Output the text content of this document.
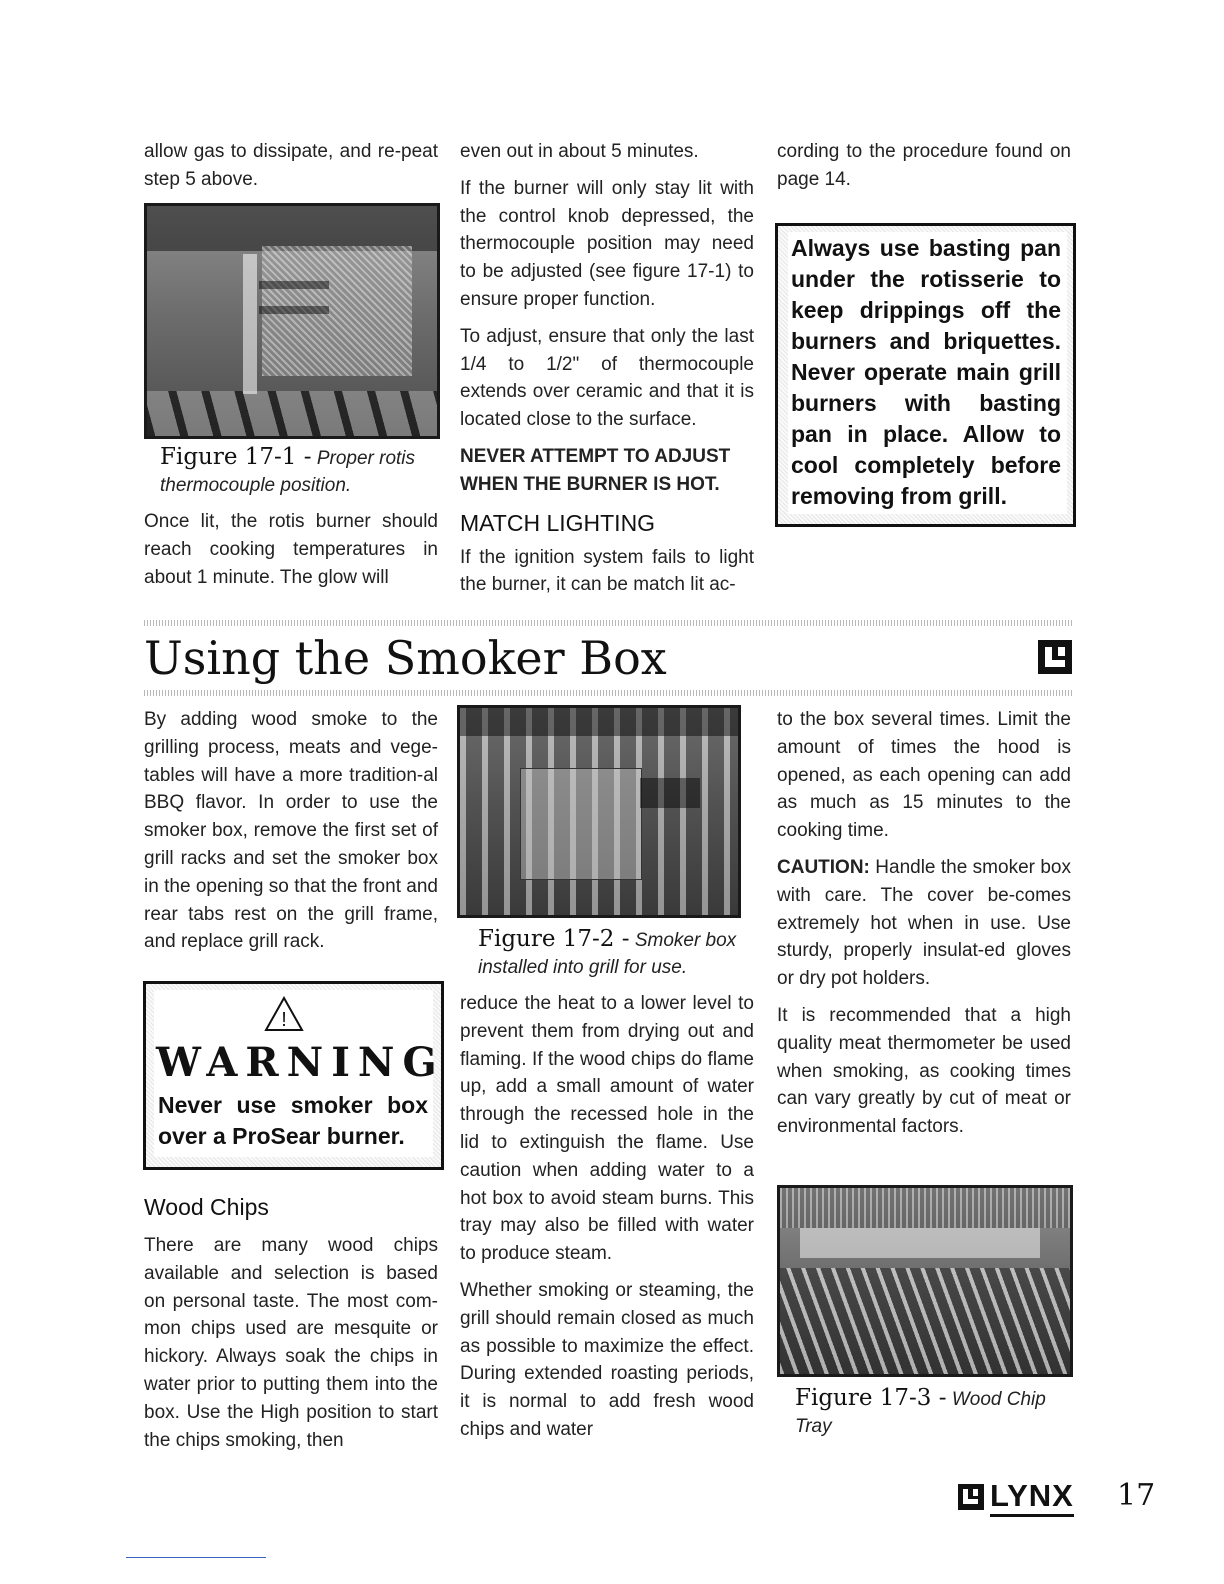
allow gas to dissipate, and re-peat step 5 above.

Figure 17-1 - Proper rotis thermocouple position.

Once lit, the rotis burner should reach cooking temperatures in about 1 minute. The glow will

even out in about 5 minutes.

If the burner will only stay lit with the control knob depressed, the thermocouple position may need to be adjusted (see figure 17-1) to ensure proper function.

To adjust, ensure that only the last 1/4 to 1/2" of thermocouple extends over ceramic and that it is located close to the surface.

NEVER ATTEMPT TO ADJUST WHEN THE BURNER IS HOT.

MATCH LIGHTING

If the ignition system fails to light the burner, it can be match lit ac-

cording to the procedure found on page 14.

Always use basting pan under the rotisserie to keep drippings off the burners and briquettes. Never operate main grill burners with basting pan in place. Allow to cool completely before removing from grill.
Using the Smoker Box

By adding wood smoke to the grilling process, meats and vege-tables will have a more tradition-al BBQ flavor. In order to use the smoker box, remove the first set of grill racks and set the smoker box in the opening so that the front and rear tabs rest on the grill frame, and replace grill rack.

!
WARNING
Never use smoker box over a ProSear burner.
Wood Chips

There are many wood chips available and selection is based on personal taste. The most com-mon chips used are mesquite or hickory. Always soak the chips in water prior to putting them into the box. Use the High position to start the chips smoking, then

Figure 17-2 - Smoker box installed into grill for use.

reduce the heat to a lower level to prevent them from drying out and flaming. If the wood chips do flame up, add a small amount of water through the recessed hole in the lid to extinguish the flame. Use caution when adding water to a hot box to avoid steam burns. This tray may also be filled with water to produce steam.

Whether smoking or steaming, the grill should remain closed as much as possible to maximize the effect. During extended roasting periods, it is normal to add fresh wood chips and water

to the box several times. Limit the amount of times the hood is opened, as each opening can add as much as 15 minutes to the cooking time.

CAUTION: Handle the smoker box with care. The cover be-comes extremely hot when in use. Use sturdy, properly insulat-ed gloves or dry pot holders.

It is recommended that a high quality meat thermometer be used when smoking, as cooking times can vary greatly by cut of meat or environmental factors.

Figure 17-3 - Wood Chip Tray
LYNX 17
